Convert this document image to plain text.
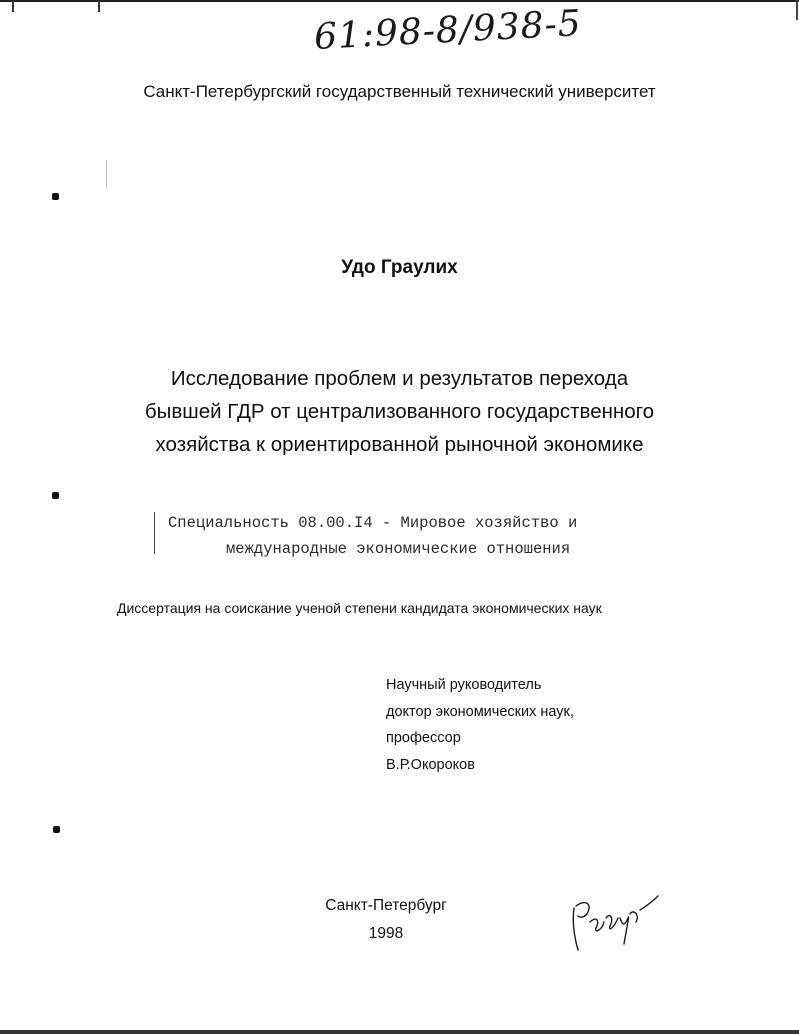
61:98-8/938-5
Санкт-Петербургский государственный технический университет
Удо Граулих
Исследование проблем и результатов перехода
бывшей ГДР от централизованного государственного
хозяйства к ориентированной рыночной экономике
Специальность 08.00.I4 - Мировое хозяйство и
международные экономические отношения
Диссертация на соискание ученой степени кандидата экономических наук
Научный руководитель
доктор экономических наук,
профессор
В.Р.Окороков
Санкт-Петербург
1998
